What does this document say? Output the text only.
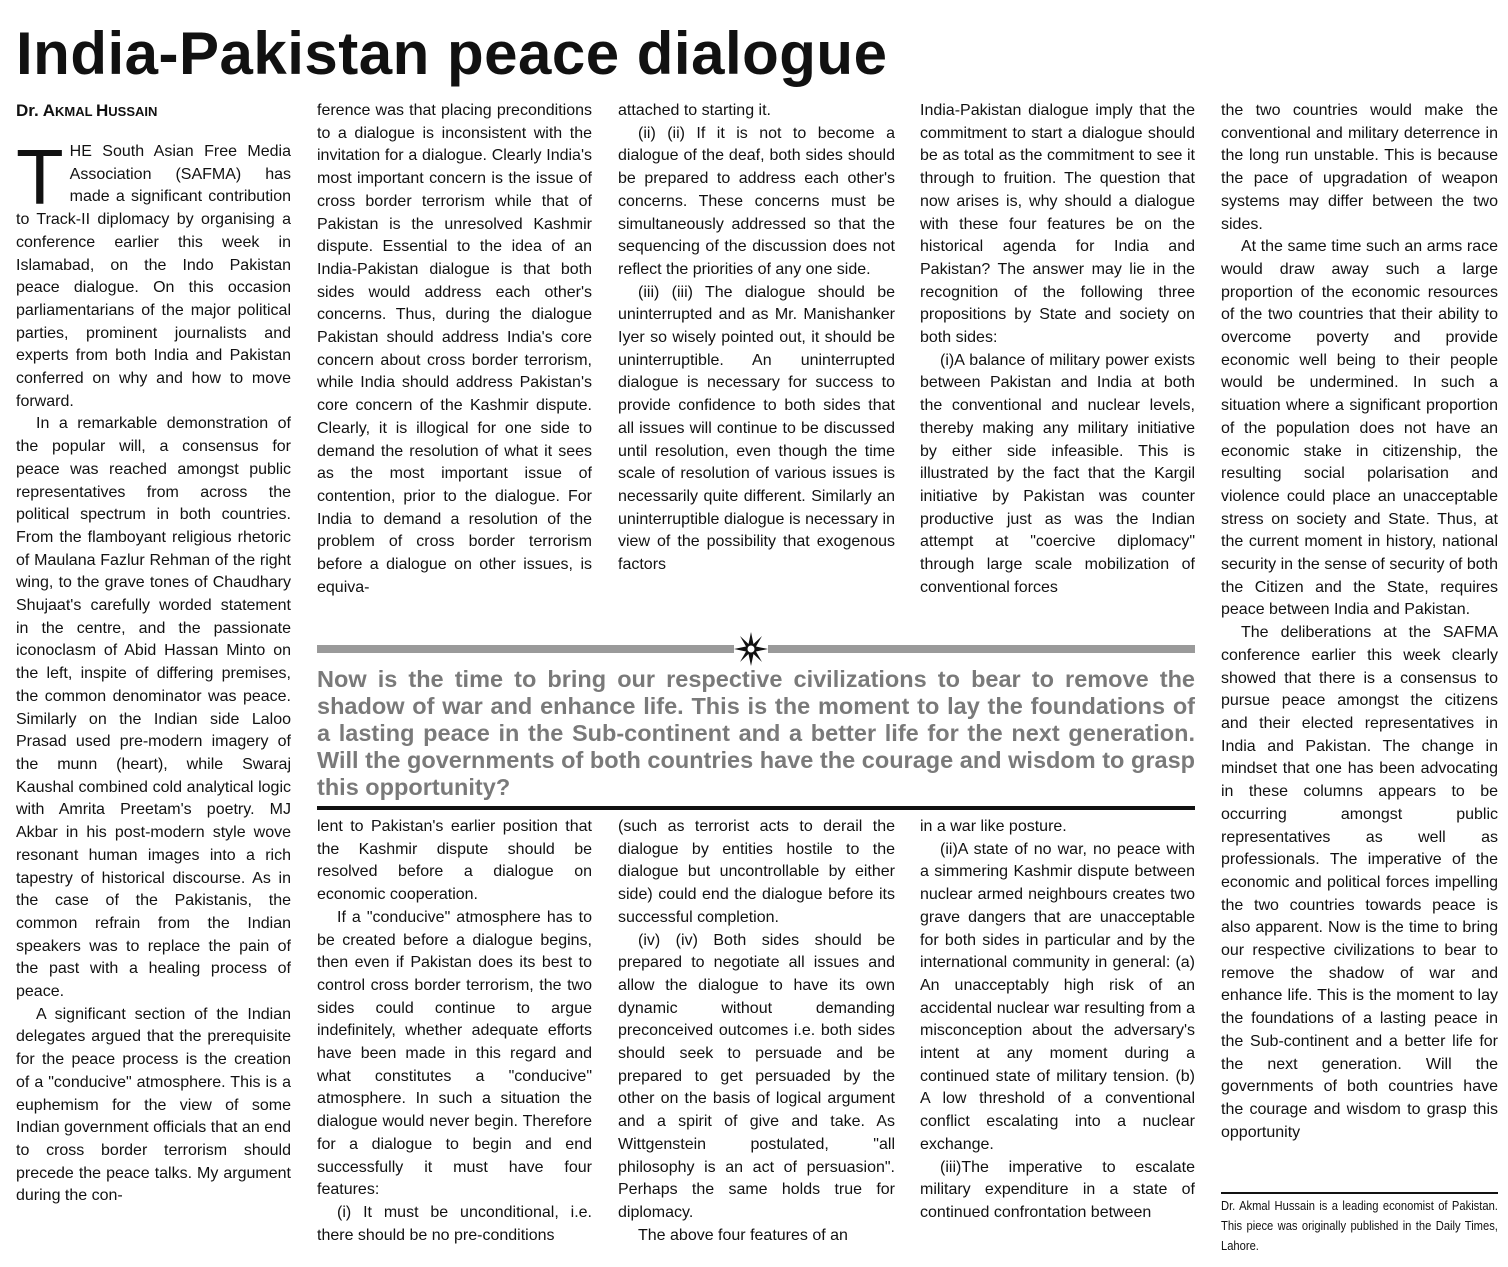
India-Pakistan peace dialogue
Dr. AKMAL HUSSAIN

THE South Asian Free Media Association (SAFMA) has made a significant contribution to Track-II diplomacy by organising a conference earlier this week in Islamabad, on the Indo Pakistan peace dialogue. On this occasion parliamentarians of the major political parties, prominent journalists and experts from both India and Pakistan conferred on why and how to move forward.

In a remarkable demonstration of the popular will, a consensus for peace was reached amongst public representatives from across the political spectrum in both countries. From the flamboyant religious rhetoric of Maulana Fazlur Rehman of the right wing, to the grave tones of Chaudhary Shujaat's carefully worded statement in the centre, and the passionate iconoclasm of Abid Hassan Minto on the left, inspite of differing premises, the common denominator was peace. Similarly on the Indian side Laloo Prasad used pre-modern imagery of the munn (heart), while Swaraj Kaushal combined cold analytical logic with Amrita Preetam's poetry. MJ Akbar in his post-modern style wove resonant human images into a rich tapestry of historical discourse. As in the case of the Pakistanis, the common refrain from the Indian speakers was to replace the pain of the past with a healing process of peace.

A significant section of the Indian delegates argued that the prerequisite for the peace process is the creation of a "conducive" atmosphere. This is a euphemism for the view of some Indian government officials that an end to cross border terrorism should precede the peace talks. My argument during the con-

ference was that placing preconditions to a dialogue is inconsistent with the invitation for a dialogue. Clearly India's most important concern is the issue of cross border terrorism while that of Pakistan is the unresolved Kashmir dispute. Essential to the idea of an India-Pakistan dialogue is that both sides would address each other's concerns. Thus, during the dialogue Pakistan should address India's core concern about cross border terrorism, while India should address Pakistan's core concern of the Kashmir dispute. Clearly, it is illogical for one side to demand the resolution of what it sees as the most important issue of contention, prior to the dialogue. For India to demand a resolution of the problem of cross border terrorism before a dialogue on other issues, is equiva-

attached to starting it.

(ii) (ii) If it is not to become a dialogue of the deaf, both sides should be prepared to address each other's concerns. These concerns must be simultaneously addressed so that the sequencing of the discussion does not reflect the priorities of any one side.

(iii) (iii) The dialogue should be uninterrupted and as Mr. Manishanker Iyer so wisely pointed out, it should be uninterruptible. An uninterrupted dialogue is necessary for success to provide confidence to both sides that all issues will continue to be discussed until resolution, even though the time scale of resolution of various issues is necessarily quite different. Similarly an uninterruptible dialogue is necessary in view of the possibility that exogenous factors

India-Pakistan dialogue imply that the commitment to start a dialogue should be as total as the commitment to see it through to fruition. The question that now arises is, why should a dialogue with these four features be on the historical agenda for India and Pakistan? The answer may lie in the recognition of the following three propositions by State and society on both sides:

(i)A balance of military power exists between Pakistan and India at both the conventional and nuclear levels, thereby making any military initiative by either side infeasible. This is illustrated by the fact that the Kargil initiative by Pakistan was counter productive just as was the Indian attempt at "coercive diplomacy" through large scale mobilization of conventional forces

Now is the time to bring our respective civilizations to bear to remove the shadow of war and enhance life. This is the moment to lay the foundations of a lasting peace in the Sub-continent and a better life for the next generation. Will the governments of both countries have the courage and wisdom to grasp this opportunity?

lent to Pakistan's earlier position that the Kashmir dispute should be resolved before a dialogue on economic cooperation.

If a "conducive" atmosphere has to be created before a dialogue begins, then even if Pakistan does its best to control cross border terrorism, the two sides could continue to argue indefinitely, whether adequate efforts have been made in this regard and what constitutes a "conducive" atmosphere. In such a situation the dialogue would never begin. Therefore for a dialogue to begin and end successfully it must have four features:

(i) It must be unconditional, i.e. there should be no pre-conditions

(such as terrorist acts to derail the dialogue by entities hostile to the dialogue but uncontrollable by either side) could end the dialogue before its successful completion.

(iv) (iv) Both sides should be prepared to negotiate all issues and allow the dialogue to have its own dynamic without demanding preconceived outcomes i.e. both sides should seek to persuade and be prepared to get persuaded by the other on the basis of logical argument and a spirit of give and take. As Wittgenstein postulated, "all philosophy is an act of persuasion". Perhaps the same holds true for diplomacy.

The above four features of an

in a war like posture.

(ii)A state of no war, no peace with a simmering Kashmir dispute between nuclear armed neighbours creates two grave dangers that are unacceptable for both sides in particular and by the international community in general: (a) An unacceptably high risk of an accidental nuclear war resulting from a misconception about the adversary's intent at any moment during a continued state of military tension. (b) A low threshold of a conventional conflict escalating into a nuclear exchange.

(iii)The imperative to escalate military expenditure in a state of continued confrontation between

the two countries would make the conventional and military deterrence in the long run unstable. This is because the pace of upgradation of weapon systems may differ between the two sides.

At the same time such an arms race would draw away such a large proportion of the economic resources of the two countries that their ability to overcome poverty and provide economic well being to their people would be undermined. In such a situation where a significant proportion of the population does not have an economic stake in citizenship, the resulting social polarisation and violence could place an unacceptable stress on society and State. Thus, at the current moment in history, national security in the sense of security of both the Citizen and the State, requires peace between India and Pakistan.

The deliberations at the SAFMA conference earlier this week clearly showed that there is a consensus to pursue peace amongst the citizens and their elected representatives in India and Pakistan. The change in mindset that one has been advocating in these columns appears to be occurring amongst public representatives as well as professionals. The imperative of the economic and political forces impelling the two countries towards peace is also apparent. Now is the time to bring our respective civilizations to bear to remove the shadow of war and enhance life. This is the moment to lay the foundations of a lasting peace in the Sub-continent and a better life for the next generation. Will the governments of both countries have the courage and wisdom to grasp this opportunity

Dr. Akmal Hussain is a leading economist of Pakistan. This piece was originally published in the Daily Times, Lahore.
